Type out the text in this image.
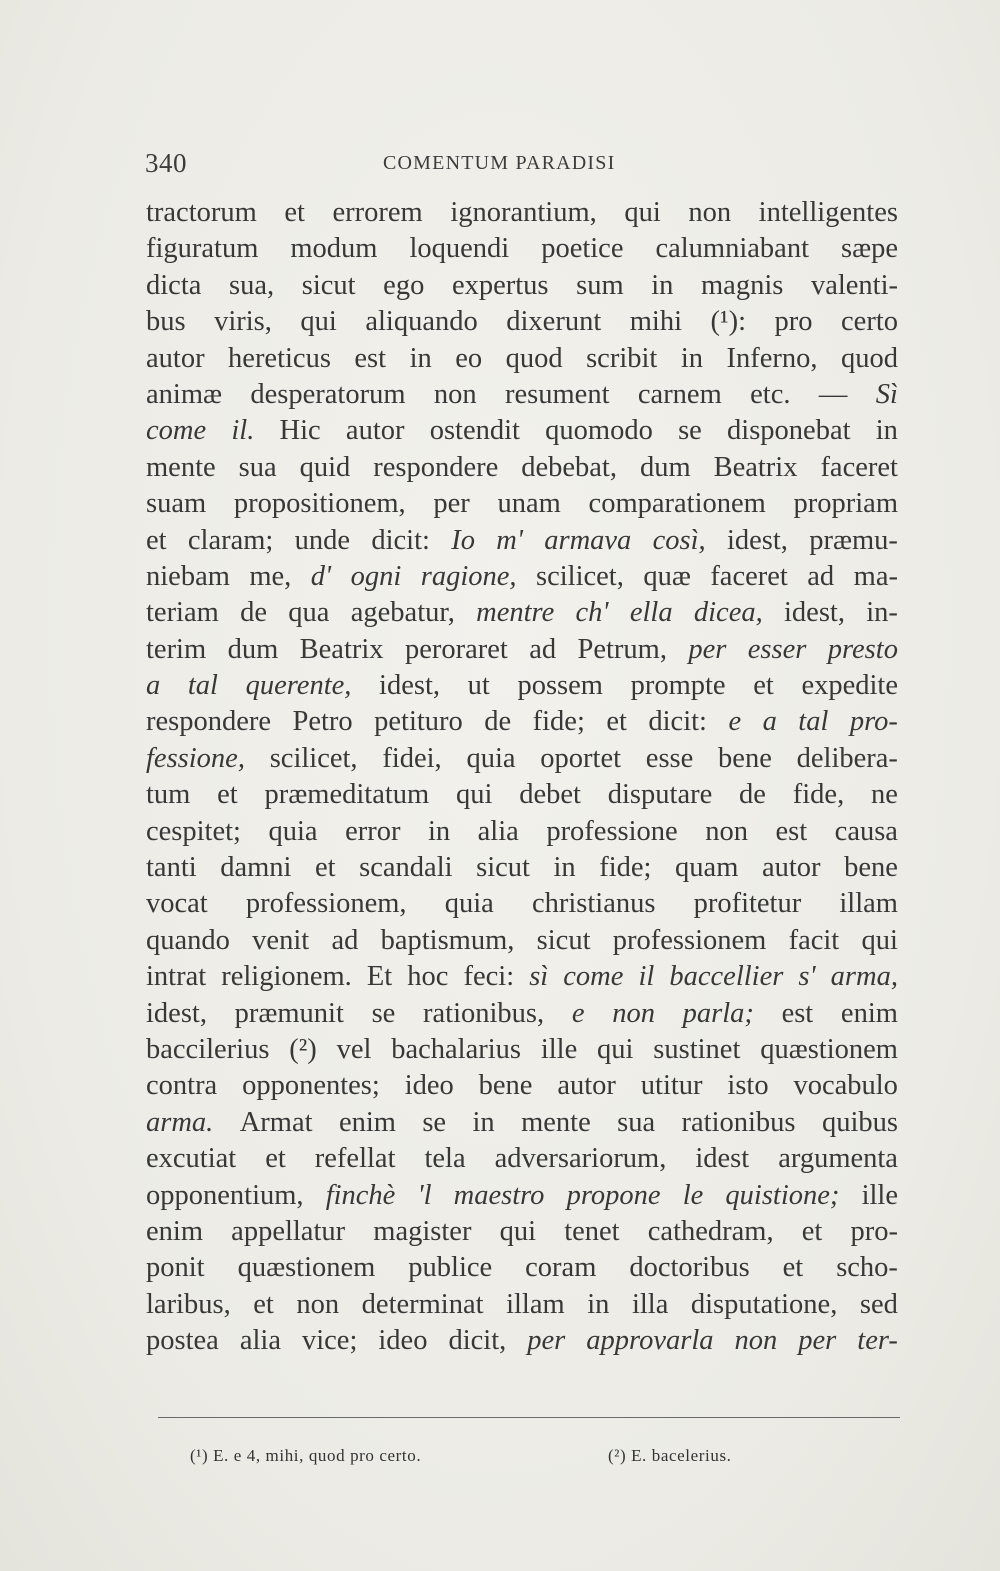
340	COMENTUM PARADISI
tractorum et errorem ignorantium, qui non intelligentes
figuratum modum loquendi poetice calumniabant sæpe
dicta sua, sicut ego expertus sum in magnis valenti-
bus viris, qui aliquando dixerunt mihi (¹): pro certo
autor hereticus est in eo quod scribit in Inferno, quod
animæ desperatorum non resument carnem etc. — Sì
come il. Hic autor ostendit quomodo se disponebat in
mente sua quid respondere debebat, dum Beatrix faceret
suam propositionem, per unam comparationem propriam
et claram; unde dicit: Io m' armava così, idest, præmu-
niebam me, d' ogni ragione, scilicet, quæ faceret ad ma-
teriam de qua agebatur, mentre ch' ella dicea, idest, in-
terim dum Beatrix peroraret ad Petrum, per esser presto
a tal querente, idest, ut possem prompte et expedite
respondere Petro petituro de fide; et dicit: e a tal pro-
fessione, scilicet, fidei, quia oportet esse bene delibera-
tum et præmeditatum qui debet disputare de fide, ne
cespitet; quia error in alia professione non est causa
tanti damni et scandali sicut in fide; quam autor bene
vocat professionem, quia christianus profitetur illam
quando venit ad baptismum, sicut professionem facit qui
intrat religionem. Et hoc feci: sì come il baccellier s' arma,
idest, præmunit se rationibus, e non parla; est enim
baccilerius (²) vel bachalarius ille qui sustinet quæstionem
contra opponentes; ideo bene autor utitur isto vocabulo
arma. Armat enim se in mente sua rationibus quibus
excutiat et refellat tela adversariorum, idest argumenta
opponentium, finchè 'l maestro propone le quistione; ille
enim appellatur magister qui tenet cathedram, et pro-
ponit quæstionem publice coram doctoribus et scho-
laribus, et non determinat illam in illa disputatione, sed
postea alia vice; ideo dicit, per approvarla non per ter-
(¹) E. e 4, mihi, quod pro certo.	(²) E. bacelerius.
